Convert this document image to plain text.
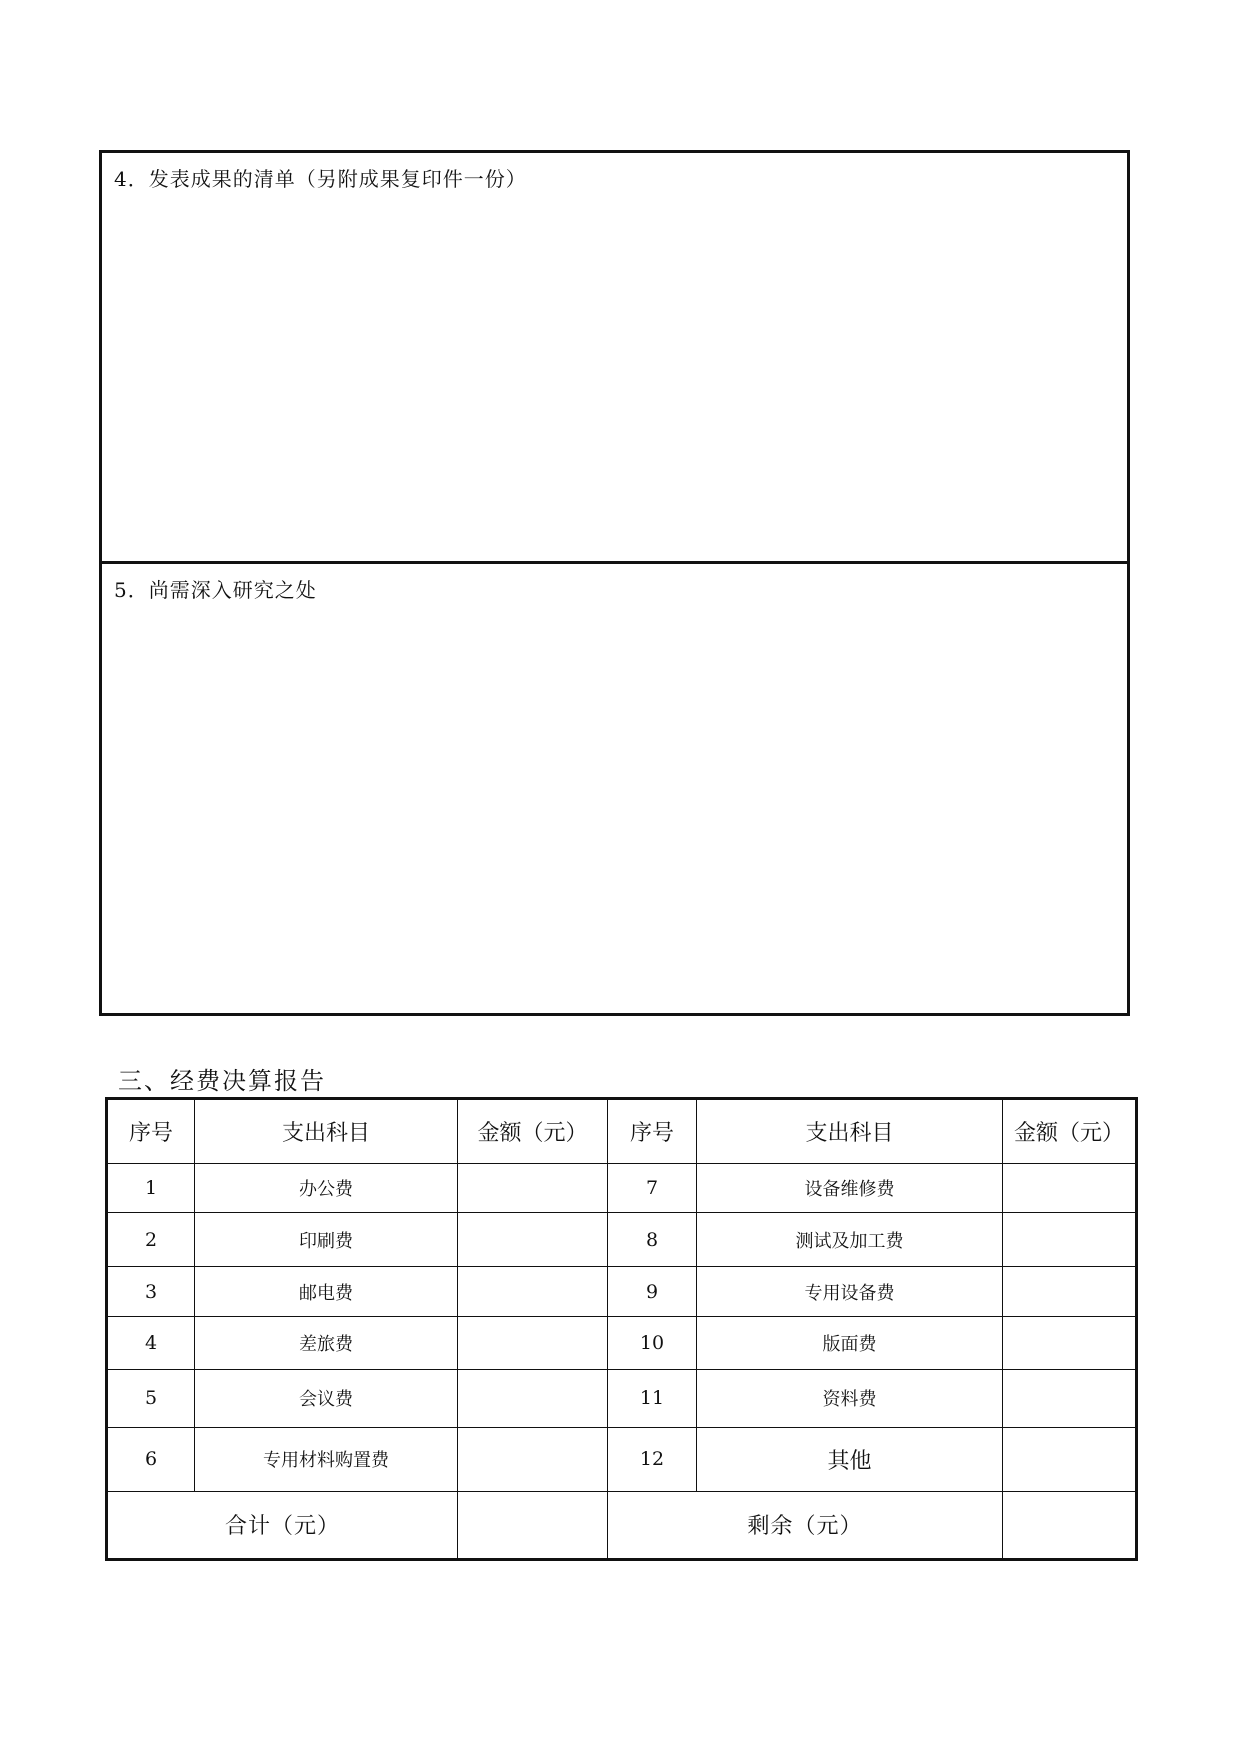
4．发表成果的清单（另附成果复印件一份）
5．尚需深入研究之处
三、经费决算报告
序号	支出科目	金额（元）	序号	支出科目	金额（元）
1	办公费		7	设备维修费	
2	印刷费		8	测试及加工费	
3	邮电费		9	专用设备费	
4	差旅费		10	版面费	
5	会议费		11	资料费	
6	专用材料购置费		12	其他	
合计（元）			剩余（元）		
